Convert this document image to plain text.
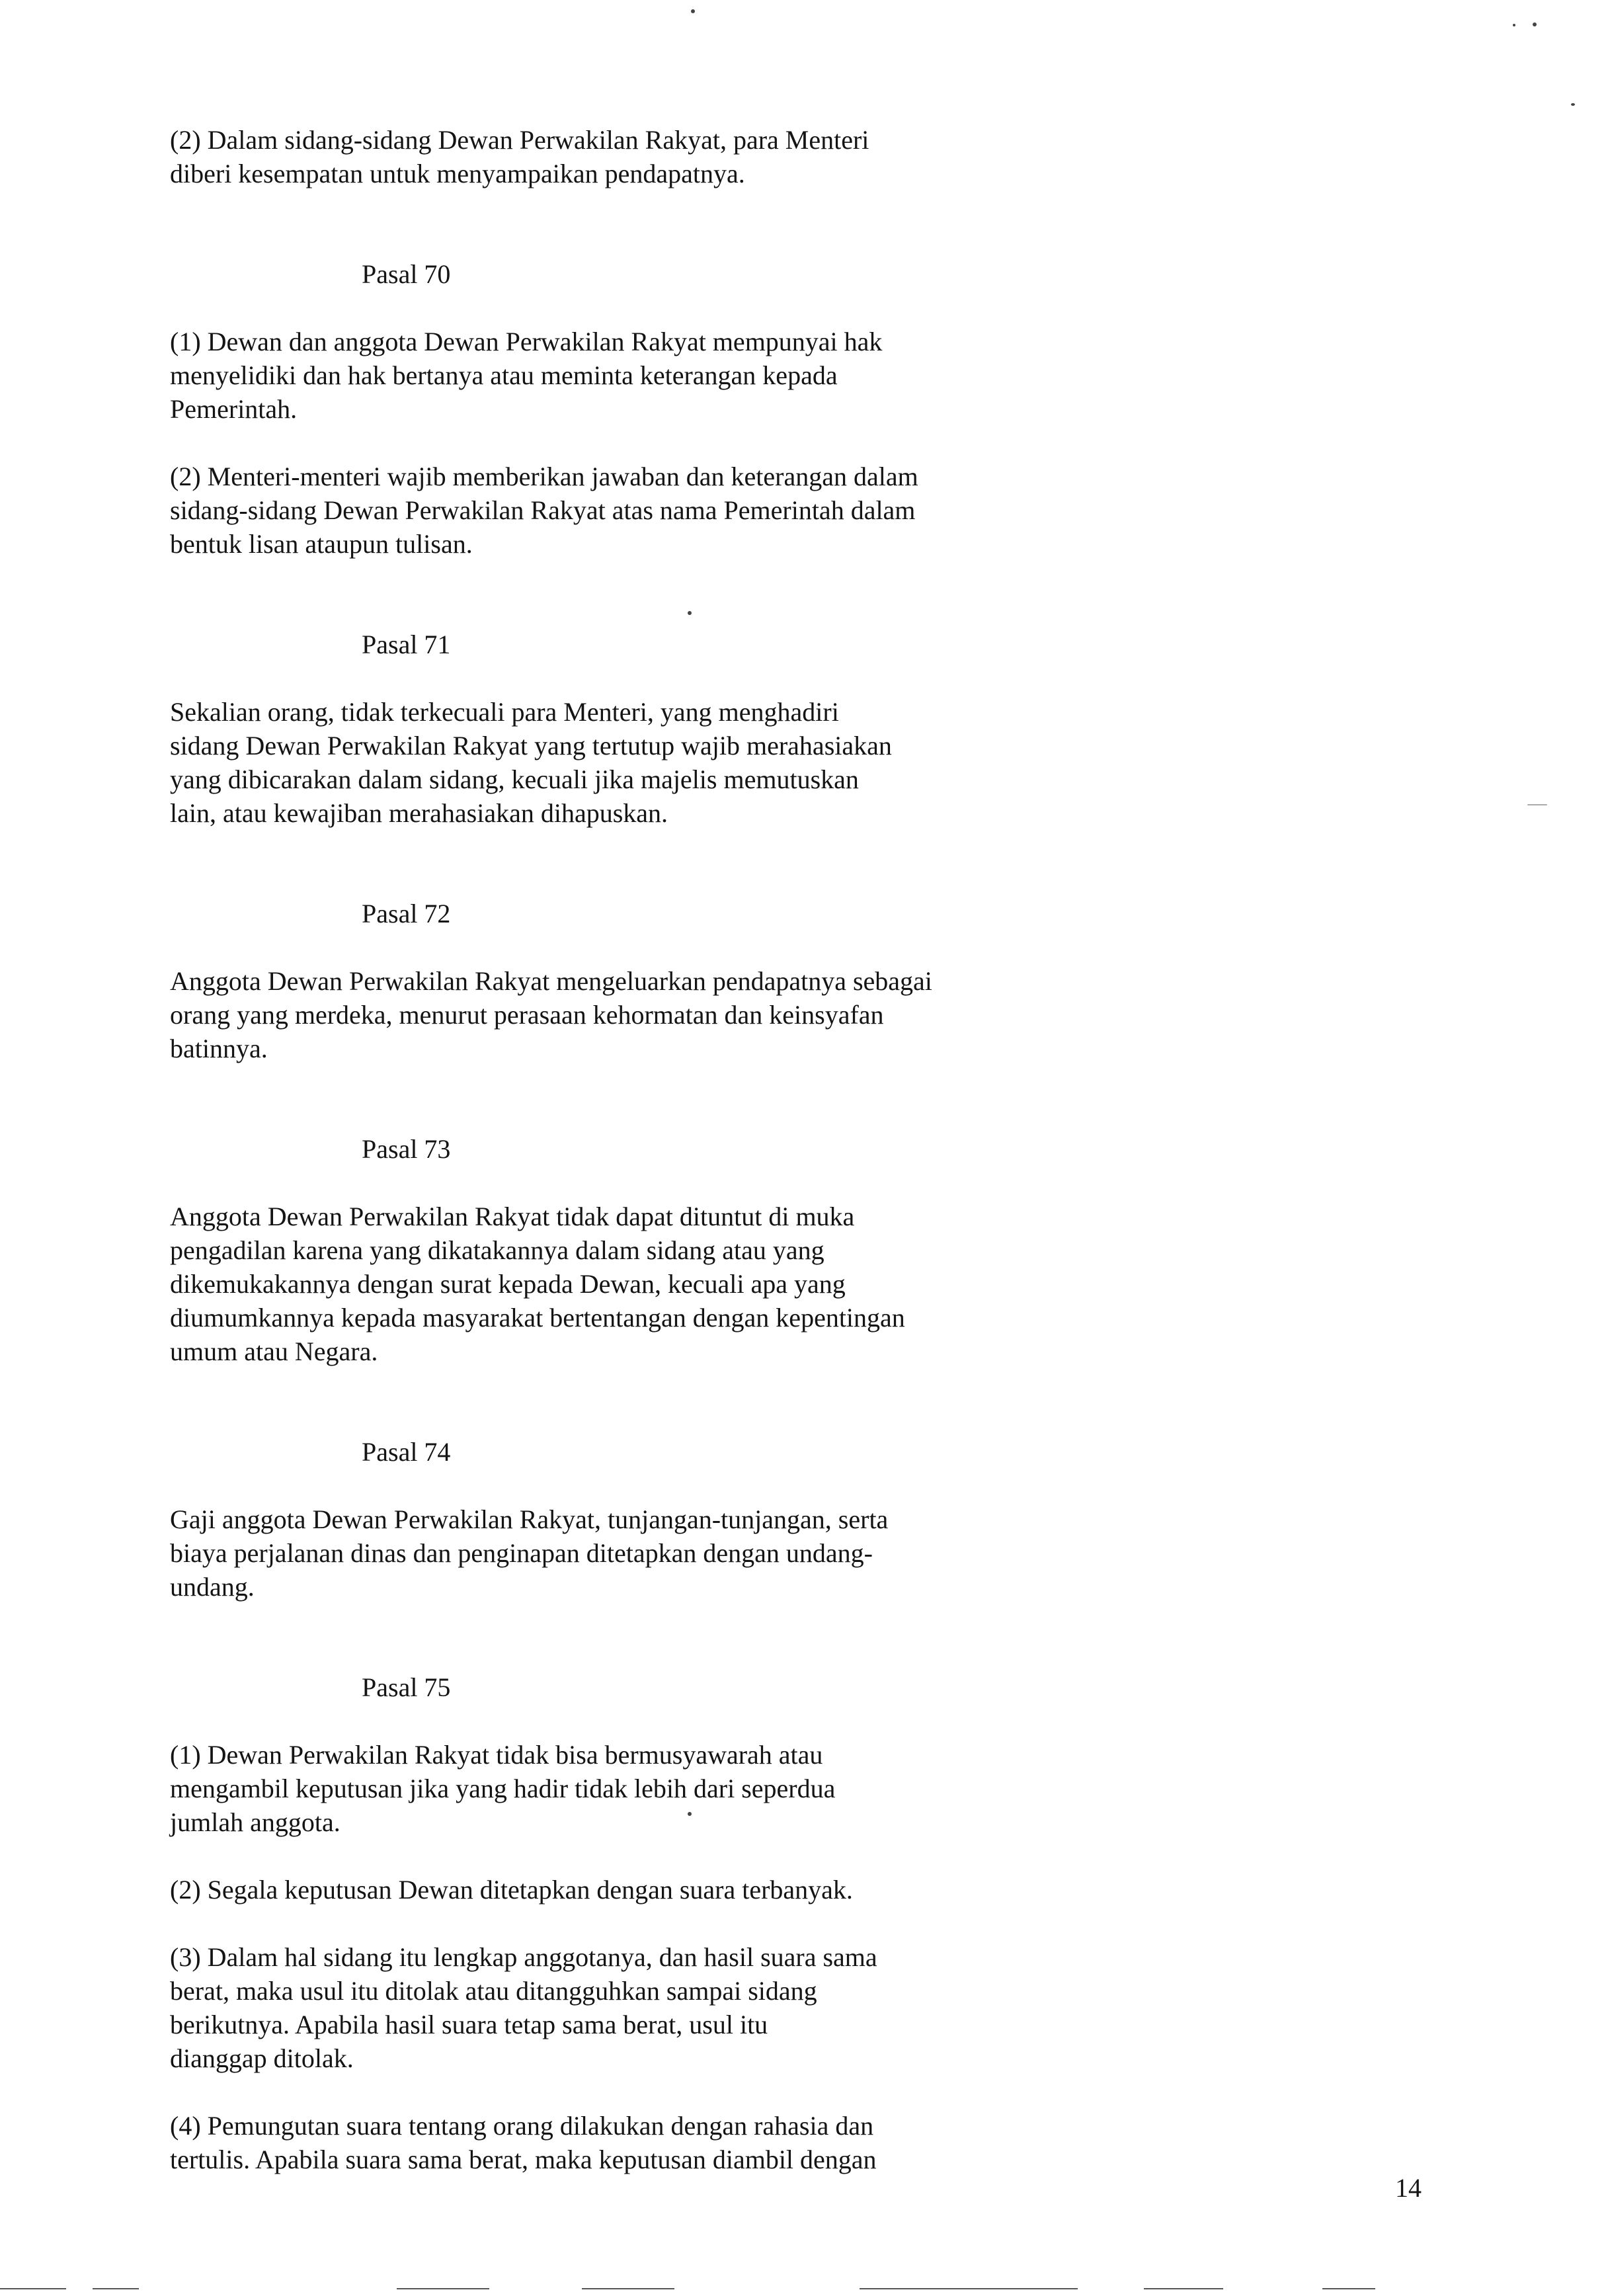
(2) Dalam sidang-sidang Dewan Perwakilan Rakyat, para Menteri
diberi kesempatan untuk menyampaikan pendapatnya.

Pasal 70

(1) Dewan dan anggota Dewan Perwakilan Rakyat mempunyai hak
menyelidiki dan hak bertanya atau meminta keterangan kepada
Pemerintah.

(2) Menteri-menteri wajib memberikan jawaban dan keterangan dalam
sidang-sidang Dewan Perwakilan Rakyat atas nama Pemerintah dalam
bentuk lisan ataupun tulisan.

Pasal 71

Sekalian orang, tidak terkecuali para Menteri, yang menghadiri
sidang Dewan Perwakilan Rakyat yang tertutup wajib merahasiakan
yang dibicarakan dalam sidang, kecuali jika majelis memutuskan
lain, atau kewajiban merahasiakan dihapuskan.

Pasal 72

Anggota Dewan Perwakilan Rakyat mengeluarkan pendapatnya sebagai
orang yang merdeka, menurut perasaan kehormatan dan keinsyafan
batinnya.

Pasal 73

Anggota Dewan Perwakilan Rakyat tidak dapat dituntut di muka
pengadilan karena yang dikatakannya dalam sidang atau yang
dikemukakannya dengan surat kepada Dewan, kecuali apa yang
diumumkannya kepada masyarakat bertentangan dengan kepentingan
umum atau Negara.

Pasal 74

Gaji anggota Dewan Perwakilan Rakyat, tunjangan-tunjangan, serta
biaya perjalanan dinas dan penginapan ditetapkan dengan undang-
undang.

Pasal 75

(1) Dewan Perwakilan Rakyat tidak bisa bermusyawarah atau
mengambil keputusan jika yang hadir tidak lebih dari seperdua
jumlah anggota.

(2) Segala keputusan Dewan ditetapkan dengan suara terbanyak.

(3) Dalam hal sidang itu lengkap anggotanya, dan hasil suara sama
berat, maka usul itu ditolak atau ditangguhkan sampai sidang
berikutnya. Apabila hasil suara tetap sama berat, usul itu
dianggap ditolak.

(4) Pemungutan suara tentang orang dilakukan dengan rahasia dan
tertulis. Apabila suara sama berat, maka keputusan diambil dengan

14
